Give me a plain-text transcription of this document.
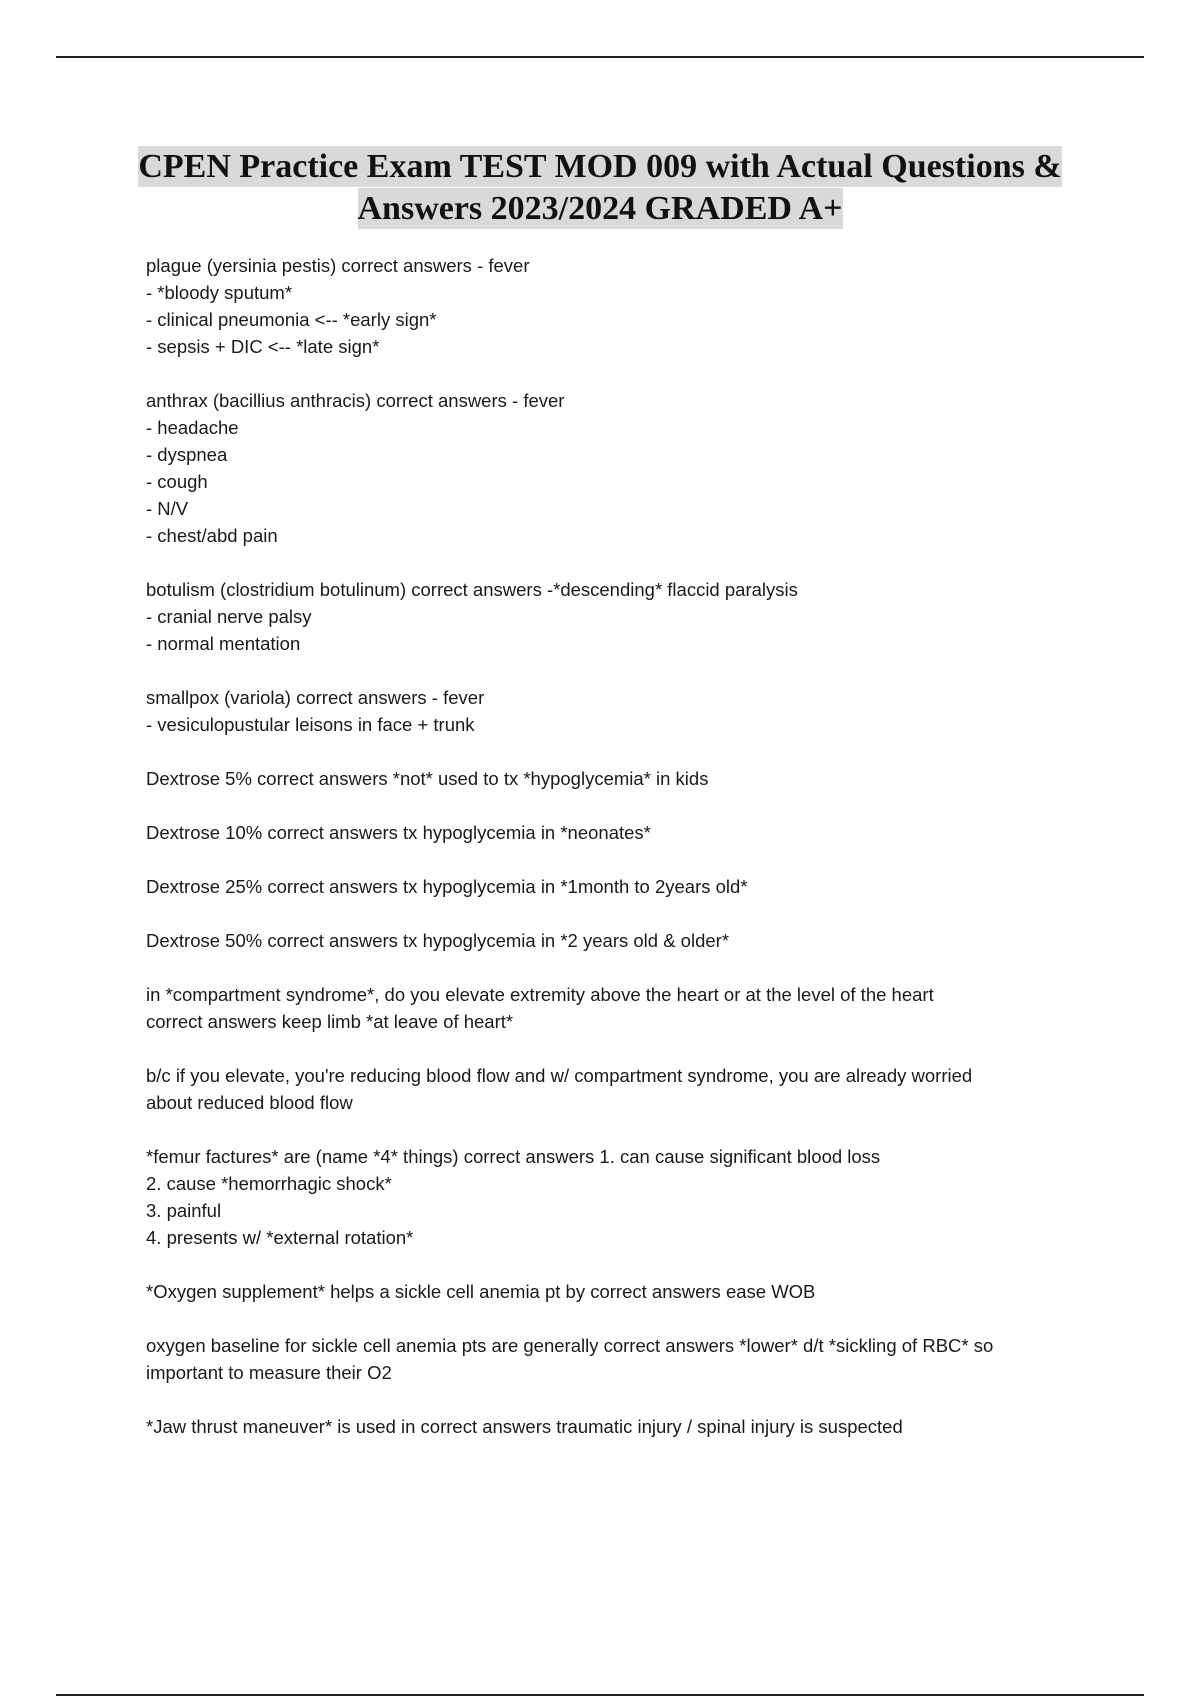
CPEN Practice Exam TEST MOD 009 with Actual Questions &
Answers 2023/2024 GRADED A+
plague (yersinia pestis) correct answers - fever
- *bloody sputum*
- clinical pneumonia <-- *early sign*
- sepsis + DIC <-- *late sign*
anthrax (bacillius anthracis) correct answers - fever
- headache
- dyspnea
- cough
- N/V
- chest/abd pain
botulism (clostridium botulinum) correct answers -*descending* flaccid paralysis
- cranial nerve palsy
- normal mentation
smallpox (variola) correct answers - fever
- vesiculopustular leisons in face + trunk
Dextrose 5% correct answers *not* used to tx *hypoglycemia* in kids
Dextrose 10% correct answers tx hypoglycemia in *neonates*
Dextrose 25% correct answers tx hypoglycemia in *1month to 2years old*
Dextrose 50% correct answers tx hypoglycemia in *2 years old & older*
in *compartment syndrome*, do you elevate extremity above the heart or at the level of the heart
correct answers keep limb *at leave of heart*
b/c if you elevate, you're reducing blood flow and w/ compartment syndrome, you are already worried
about reduced blood flow
*femur factures* are (name *4* things) correct answers 1. can cause significant blood loss
2. cause *hemorrhagic shock*
3. painful
4. presents w/ *external rotation*
*Oxygen supplement* helps a sickle cell anemia pt by correct answers ease WOB
oxygen baseline for sickle cell anemia pts are generally correct answers *lower* d/t *sickling of RBC* so
important to measure their O2
*Jaw thrust maneuver* is used in correct answers traumatic injury / spinal injury is suspected
